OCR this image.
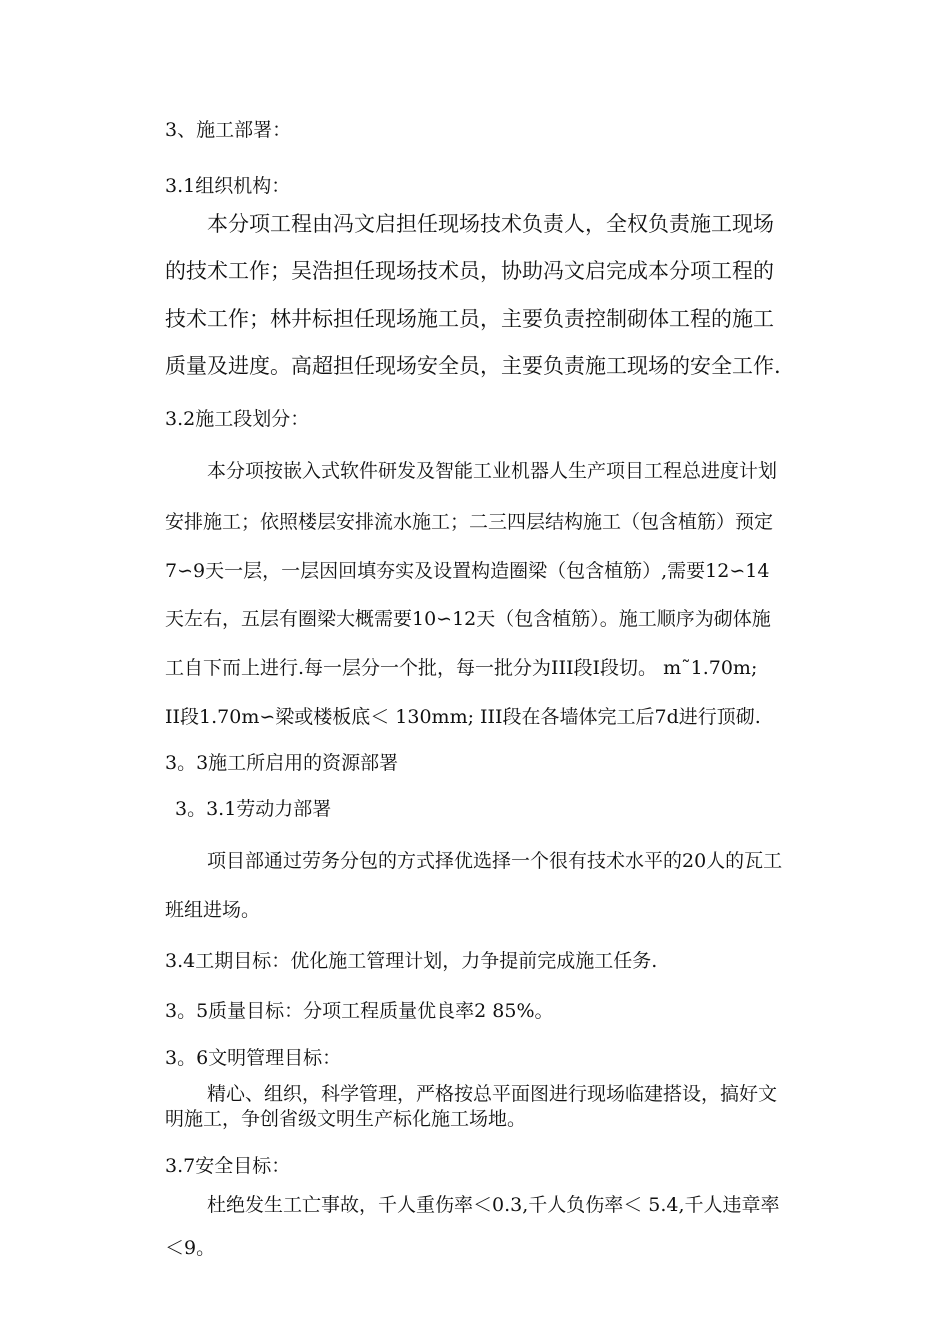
3、施工部署：
3.1组织机构：
本分项工程由冯文启担任现场技术负责人，全权负责施工现场
的技术工作；吴浩担任现场技术员，协助冯文启完成本分项工程的
技术工作；林井标担任现场施工员，主要负责控制砌体工程的施工
质量及进度。高超担任现场安全员，主要负责施工现场的安全工作.
3.2施工段划分：
本分项按嵌入式软件研发及智能工业机器人生产项目工程总进度计划
安排施工；依照楼层安排流水施工；二三四层结构施工（包含植筋）预定
7∽9天一层，一层因回填夯实及设置构造圈梁（包含植筋）,需要12∽14
天左右，五层有圈梁大概需要10∽12天（包含植筋）。施工顺序为砌体施
工自下而上进行.每一层分一个批，每一批分为III段I段切。 m˜1.70m;
II段1.70m∽梁或楼板底＜ 130mm; III段在各墙体完工后7d进行顶砌.
3。3施工所启用的资源部署
3。3.1劳动力部署
项目部通过劳务分包的方式择优选择一个很有技术水平的20人的瓦工
班组进场。
3.4工期目标：优化施工管理计划，力争提前完成施工任务.
3。5质量目标：分项工程质量优良率2 85%。
3。6文明管理目标：
精心、组织，科学管理，严格按总平面图进行现场临建搭设，搞好文
明施工，争创省级文明生产标化施工场地。
3.7安全目标：
杜绝发生工亡事故，千人重伤率＜0.3,千人负伤率＜ 5.4,千人违章率
＜9。
